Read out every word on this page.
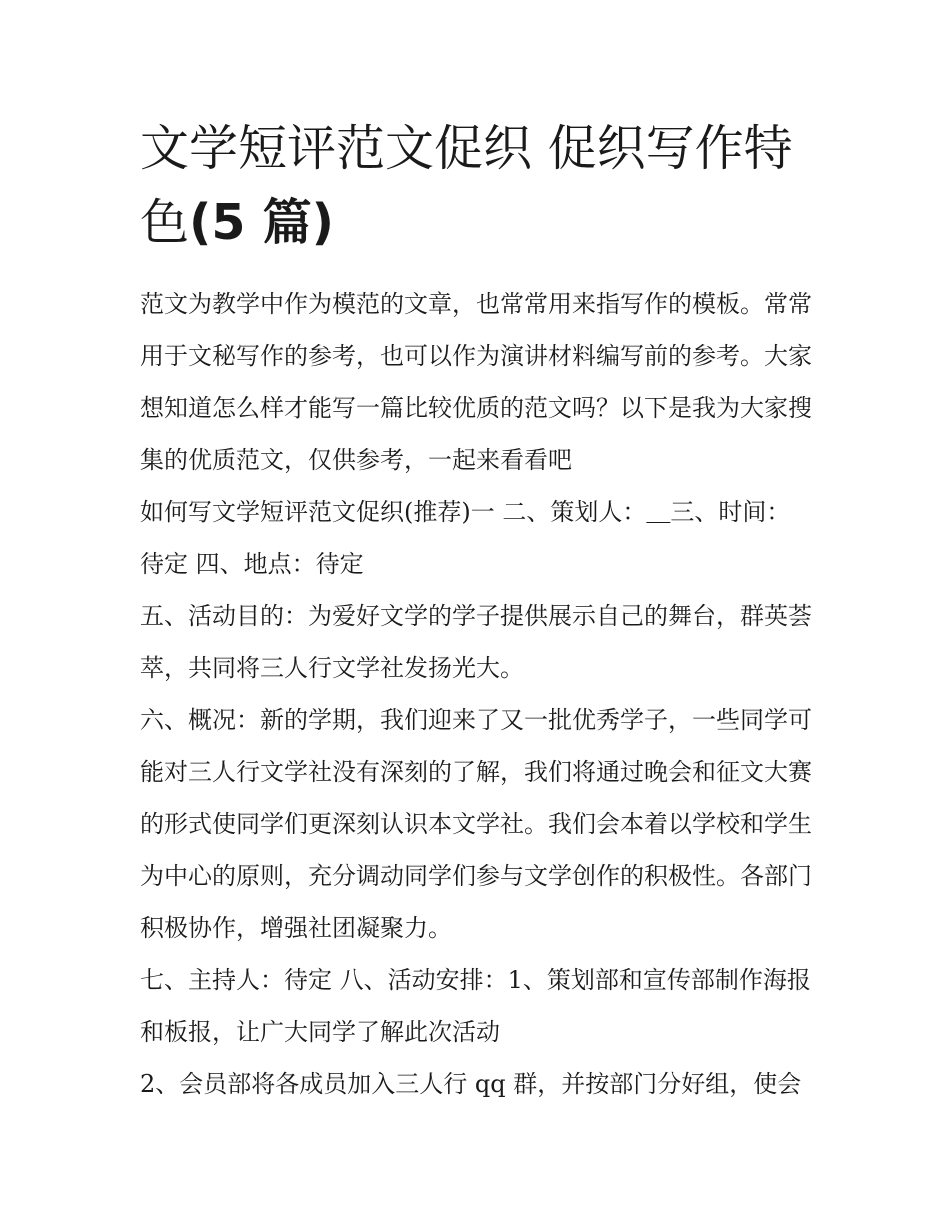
文学短评范文促织 促织写作特
色(5 篇)

范文为教学中作为模范的文章，也常常用来指写作的模板。常常用于文秘写作的参考，也可以作为演讲材料编写前的参考。大家想知道怎么样才能写一篇比较优质的范文吗？以下是我为大家搜集的优质范文，仅供参考，一起来看看吧

如何写文学短评范文促织(推荐)一 二、策划人：＿三、时间：待定 四、地点：待定

五、活动目的：为爱好文学的学子提供展示自己的舞台，群英荟萃，共同将三人行文学社发扬光大。

六、概况：新的学期，我们迎来了又一批优秀学子，一些同学可能对三人行文学社没有深刻的了解，我们将通过晚会和征文大赛的形式使同学们更深刻认识本文学社。我们会本着以学校和学生为中心的原则，充分调动同学们参与文学创作的积极性。各部门积极协作，增强社团凝聚力。

七、主持人：待定 八、活动安排：1、策划部和宣传部制作海报和板报，让广大同学了解此次活动

2、会员部将各成员加入三人行 qq 群，并按部门分好组，使会
